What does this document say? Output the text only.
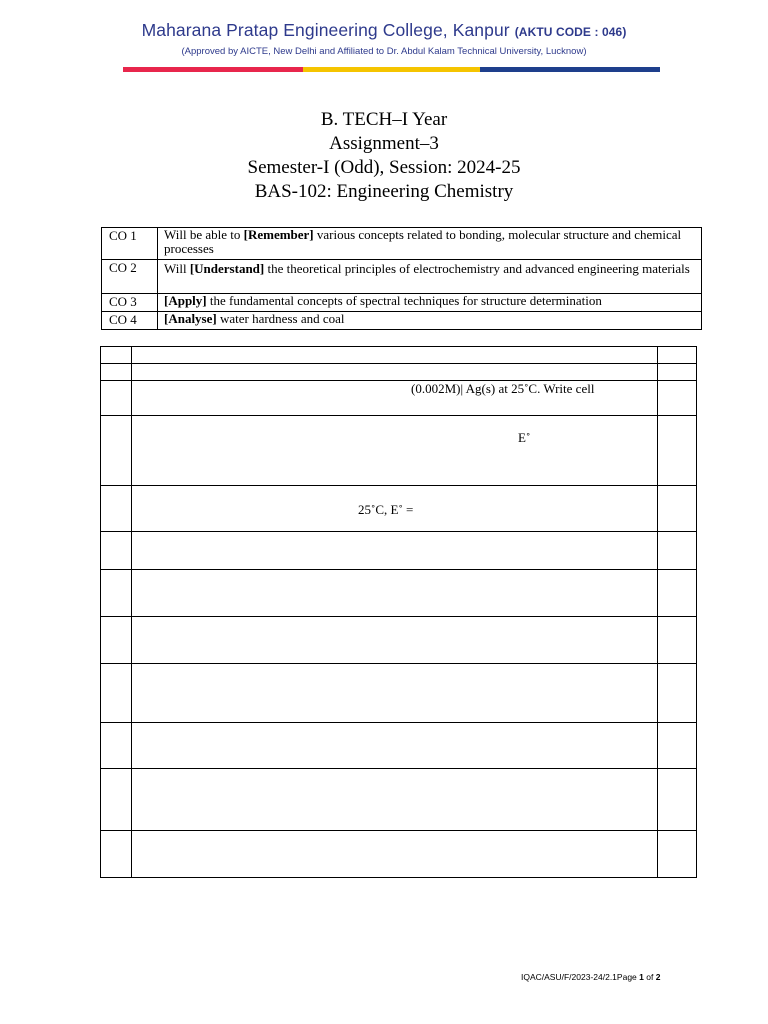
Maharana Pratap Engineering College, Kanpur (AKTU CODE : 046)
(Approved by AICTE, New Delhi and Affiliated to Dr. Abdul Kalam Technical University, Lucknow)
B. TECH–I Year
Assignment–3
Semester-I (Odd), Session: 2024-25
BAS-102: Engineering Chemistry
CO 1	Will be able to [Remember] various concepts related to bonding, molecular structure and chemical processes
CO 2	Will [Understand] the theoretical principles of electrochemistry and advanced engineering materials
CO 3	[Apply] the fundamental concepts of spectral techniques for structure determination
CO 4	[Analyse] water hardness and coal

	(0.002M)| Ag(s) at 25˚C. Write cell	

	E˚	

	25˚C, E˚ =	

IQAC/ASU/F/2023-24/2.1Page 1 of 2
